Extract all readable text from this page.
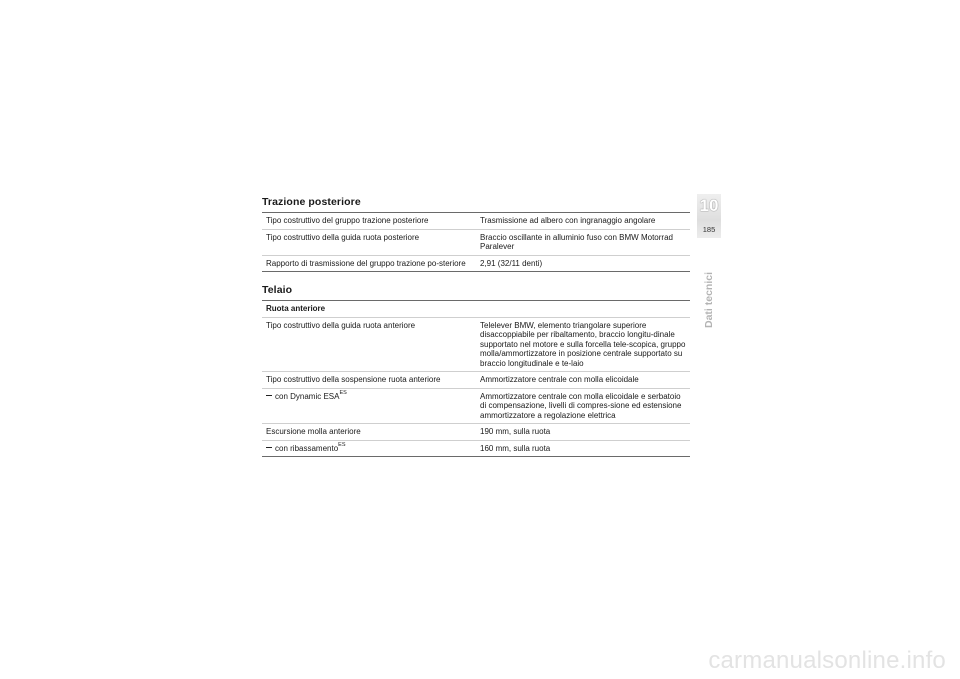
Trazione posteriore
Tipo costruttivo del gruppo trazione posteriore	Trasmissione ad albero con ingranaggio angolare
Tipo costruttivo della guida ruota posteriore	Braccio oscillante in alluminio fuso con BMW Motorrad Paralever
Rapporto di trasmissione del gruppo trazione po-steriore	2,91 (32/11 denti)
Telaio
Ruota anteriore	
Tipo costruttivo della guida ruota anteriore	Telelever BMW, elemento triangolare superiore disaccoppiabile per ribaltamento, braccio longitu-dinale supportato nel motore e sulla forcella tele-scopica, gruppo molla/ammortizzatore in posizione centrale supportato su braccio longitudinale e te-laio
Tipo costruttivo della sospensione ruota anteriore	Ammortizzatore centrale con molla elicoidale
con Dynamic $ESA^{ES}$	Ammortizzatore centrale con molla elicoidale e serbatoio di compensazione, livelli di compres-sione ed estensione ammortizzatore a regolazione elettrica
Escursione molla anteriore	190 mm, sulla ruota
con ribassamento$^{ES}$	160 mm, sulla ruota
10
185
Dati tecnici
carmanualsonline.info
